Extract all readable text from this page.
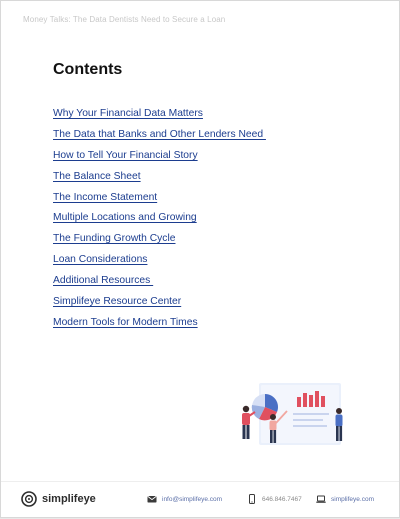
Money Talks: The Data Dentists Need to Secure a Loan
Contents
Why Your Financial Data Matters
The Data that Banks and Other Lenders Need
How to Tell Your Financial Story
The Balance Sheet
The Income Statement
Multiple Locations and Growing
The Funding Growth Cycle
Loan Considerations
Additional Resources
Simplifeye Resource Center
Modern Tools for Modern Times
simplifeye	info@simplifeye.com	646.846.7467	simplifeye.com
